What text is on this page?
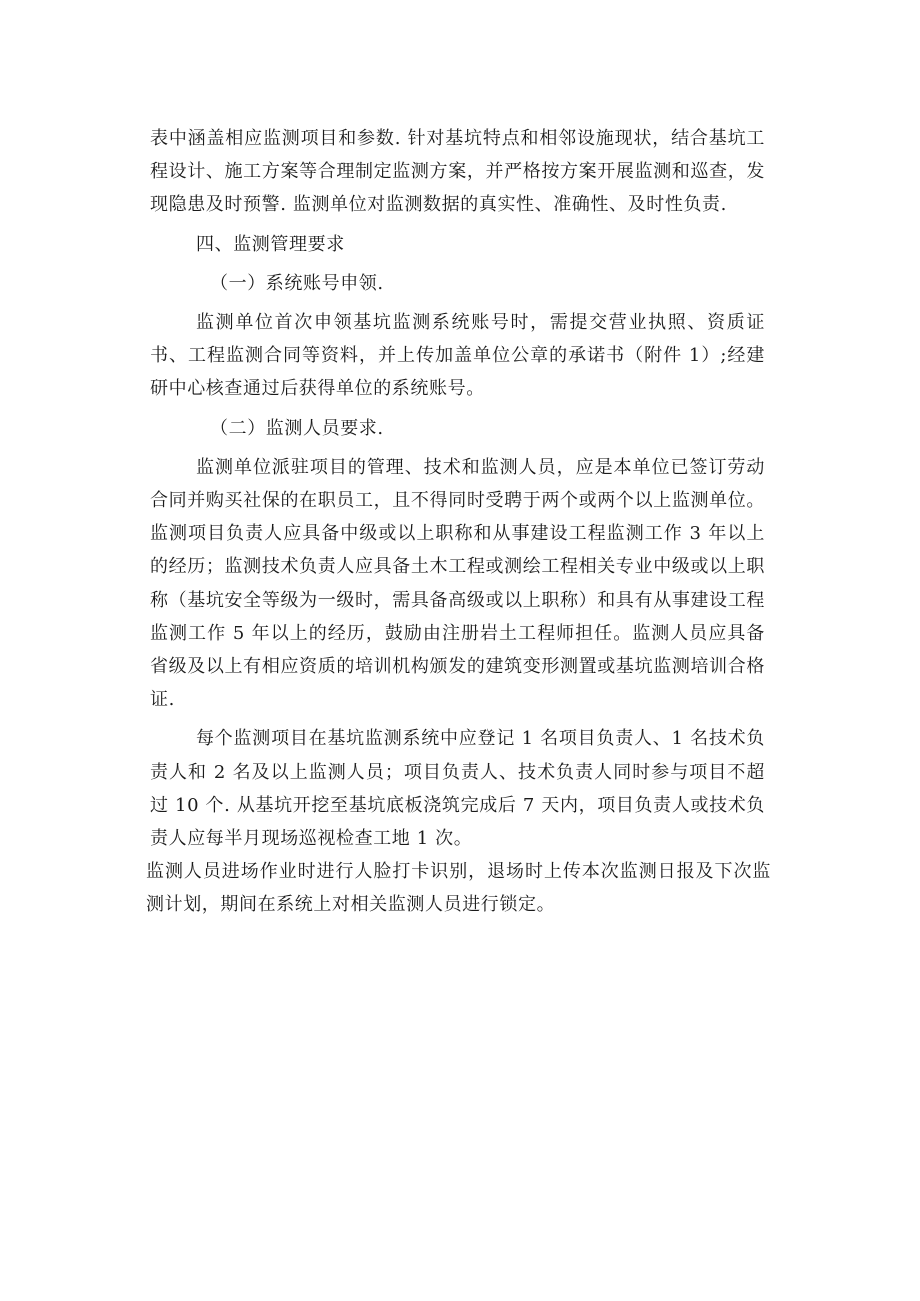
表中涵盖相应监测项目和参数. 针对基坑特点和相邻设施现状，结合基坑工程设计、施工方案等合理制定监测方案，并严格按方案开展监测和巡查，发现隐患及时预警. 监测单位对监测数据的真实性、准确性、及时性负责.

四、监测管理要求

（一）系统账号申领.

监测单位首次申领基坑监测系统账号时，需提交营业执照、资质证书、工程监测合同等资料，并上传加盖单位公章的承诺书（附件 1）;经建研中心核查通过后获得单位的系统账号。

（二）监测人员要求.

监测单位派驻项目的管理、技术和监测人员，应是本单位已签订劳动合同并购买社保的在职员工，且不得同时受聘于两个或两个以上监测单位。监测项目负责人应具备中级或以上职称和从事建设工程监测工作 3 年以上的经历；监测技术负责人应具备土木工程或测绘工程相关专业中级或以上职称（基坑安全等级为一级时，需具备高级或以上职称）和具有从事建设工程监测工作 5 年以上的经历，鼓励由注册岩土工程师担任。监测人员应具备省级及以上有相应资质的培训机构颁发的建筑变形测置或基坑监测培训合格证.

每个监测项目在基坑监测系统中应登记 1 名项目负责人、1 名技术负责人和 2 名及以上监测人员；项目负责人、技术负责人同时参与项目不超过 10 个. 从基坑开挖至基坑底板浇筑完成后 7 天内，项目负责人或技术负责人应每半月现场巡视检查工地 1 次。

监测人员进场作业时进行人脸打卡识别，退场时上传本次监测日报及下次监测计划，期间在系统上对相关监测人员进行锁定。
